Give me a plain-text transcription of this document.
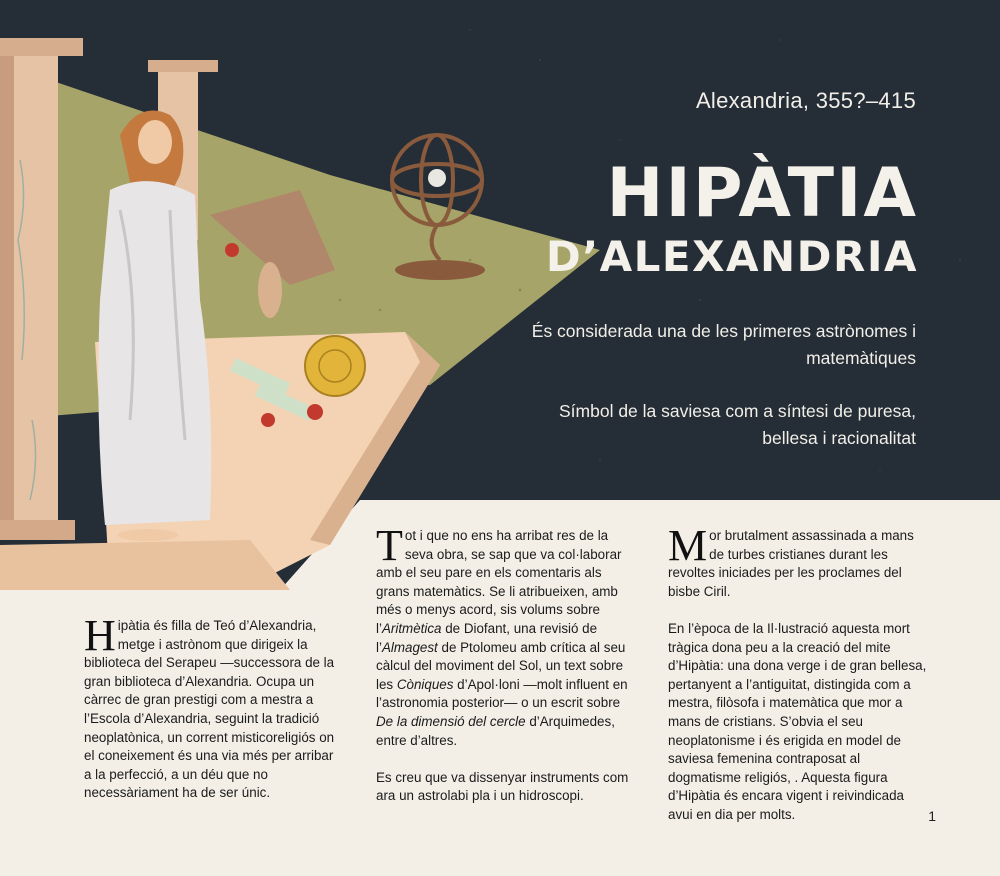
Alexandria, 355?–415
HIPÀTIA
D’ALEXANDRIA
És considerada una de les primeres astrònomes i matemàtiques
Símbol de la saviesa com a síntesi de puresa, bellesa i racionalitat

Hipàtia és filla de Teó d’Alexandria, metge i astrònom que dirigeix la biblioteca del Serapeu —successora de la gran biblioteca d’Alexandria. Ocupa un càrrec de gran prestigi com a mestra a l’Escola d’Alexandria, seguint la tradició neoplatònica, un corrent misticoreligiós on el coneixement és una via més per arribar a la perfecció, a un déu que no necessàriament ha de ser únic.

Tot i que no ens ha arribat res de la seva obra, se sap que va col·laborar amb el seu pare en els comentaris als grans matemàtics. Se li atribueixen, amb més o menys acord, sis volums sobre l’Aritmètica de Diofant, una revisió de l’Almagest de Ptolomeu amb crítica al seu càlcul del moviment del Sol, un text sobre les Còniques d’Apol·loni —molt influent en l’astronomia posterior— o un escrit sobre De la dimensió del cercle d’Arquimedes, entre d’altres.

Es creu que va dissenyar instruments com ara un astrolabi pla i un hidroscopi.

Mor brutalment assassinada a mans de turbes cristianes durant les revoltes iniciades per les proclames del bisbe Ciril.

En l’època de la Il·lustració aquesta mort tràgica dona peu a la creació del mite d’Hipàtia: una dona verge i de gran bellesa, pertanyent a l’antiguitat, distingida com a mestra, filòsofa i matemàtica que mor a mans de cristians. S’obvia el seu neoplatonisme i és erigida en model de saviesa femenina contraposat al dogmatisme religiós, . Aquesta figura d’Hipàtia és encara vigent i reivindicada avui en dia per molts.	1
